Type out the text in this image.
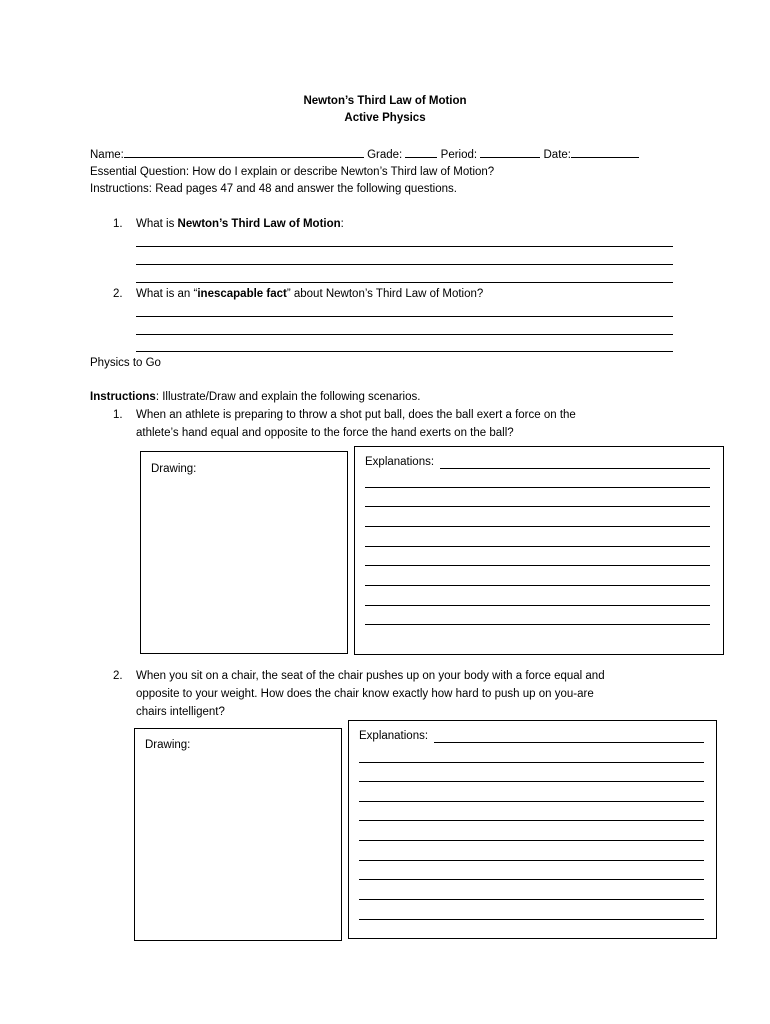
Newton’s Third Law of Motion
Active Physics
Name:	Grade:	Period:	Date:
Essential Question: How do I explain or describe Newton’s Third law of Motion?
Instructions: Read pages 47 and 48 and answer the following questions.
1. What is Newton’s Third Law of Motion:
2. What is an “inescapable fact” about Newton’s Third Law of Motion?
Physics to Go
Instructions: Illustrate/Draw and explain the following scenarios.
1. When an athlete is preparing to throw a shot put ball, does the ball exert a force on the
athlete’s hand equal and opposite to the force the hand exerts on the ball?
Drawing:
Explanations:
2. When you sit on a chair, the seat of the chair pushes up on your body with a force equal and
opposite to your weight. How does the chair know exactly how hard to push up on you-are
chairs intelligent?
Drawing:
Explanations:
